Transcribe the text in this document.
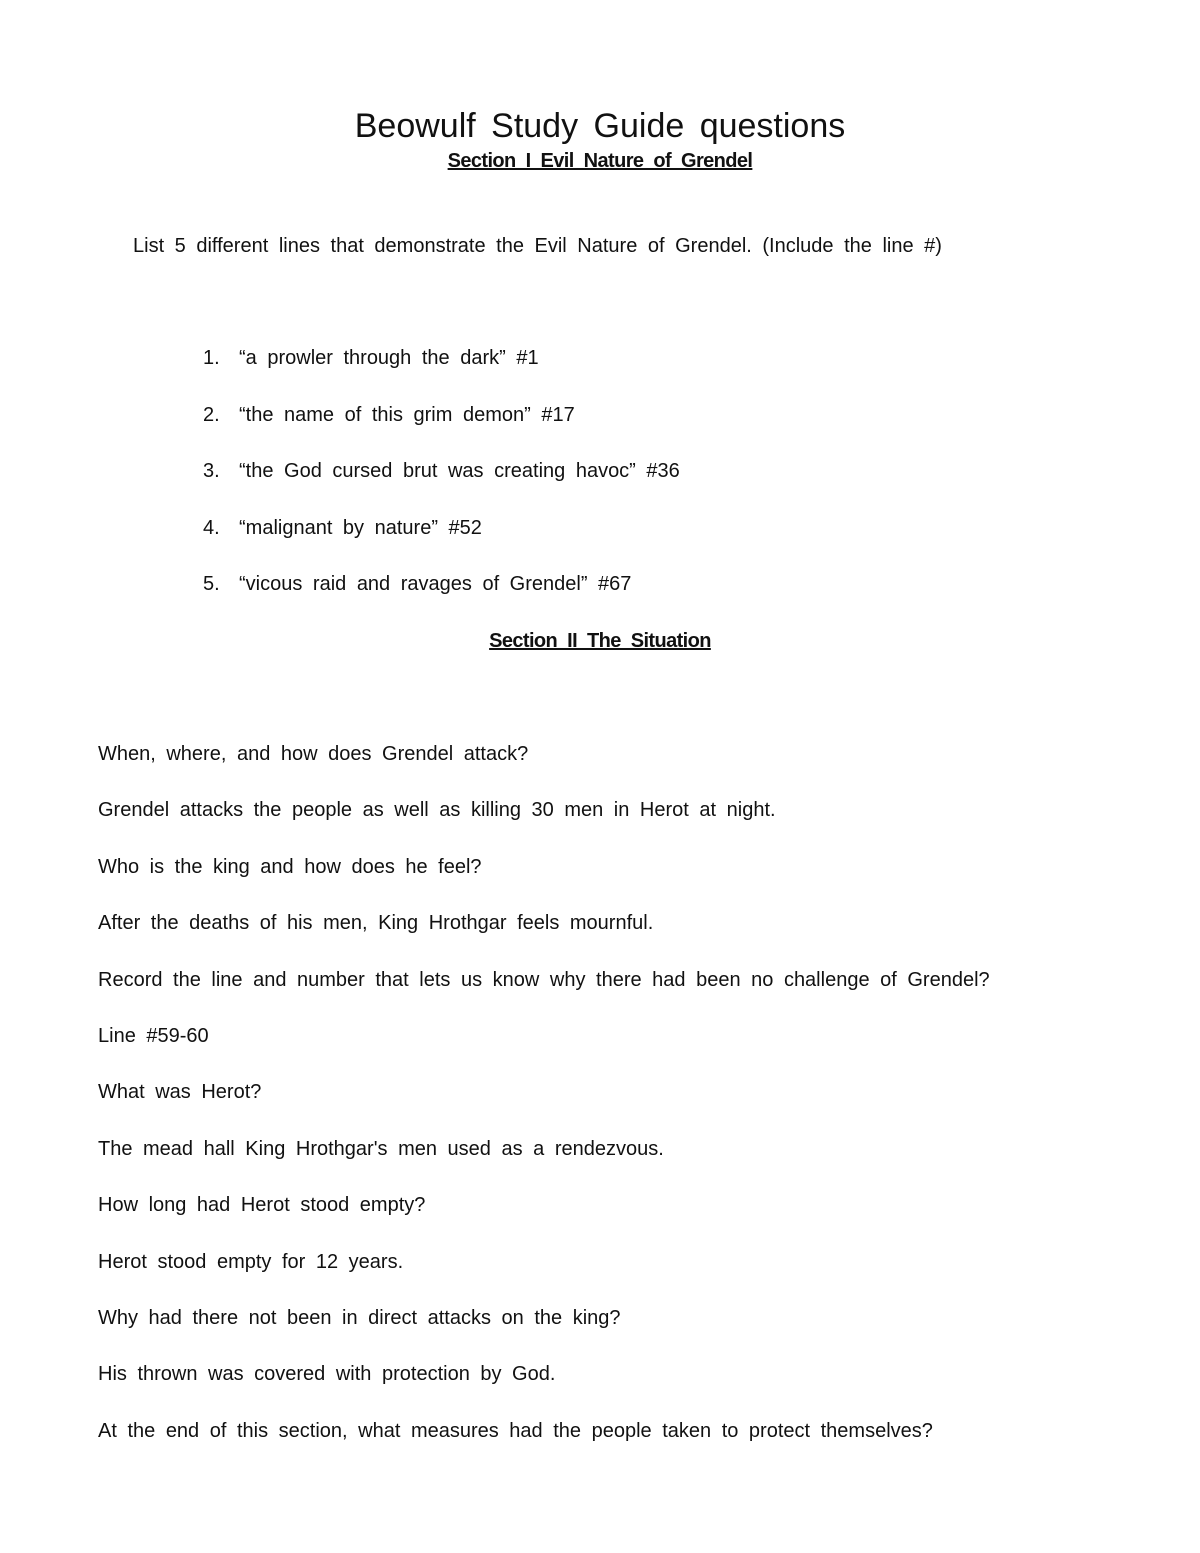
Beowulf Study Guide questions
Section I Evil Nature of Grendel

List 5 different lines that demonstrate the Evil Nature of Grendel. (Include the line #)

1. “a prowler through the dark” #1
2. “the name of this grim demon” #17
3. “the God cursed brut was creating havoc” #36
4. “malignant by nature” #52
5. “vicous raid and ravages of Grendel” #67
Section II The Situation

When, where, and how does Grendel attack?

Grendel attacks the people as well as killing 30 men in Herot at night.

Who is the king and how does he feel?

After the deaths of his men, King Hrothgar feels mournful.

Record the line and number that lets us know why there had been no challenge of Grendel?

Line #59-60

What was Herot?

The mead hall King Hrothgar's men used as a rendezvous.

How long had Herot stood empty?

Herot stood empty for 12 years.

Why had there not been in direct attacks on the king?

His thrown was covered with protection by God.

At the end of this section, what measures had the people taken to protect themselves?
